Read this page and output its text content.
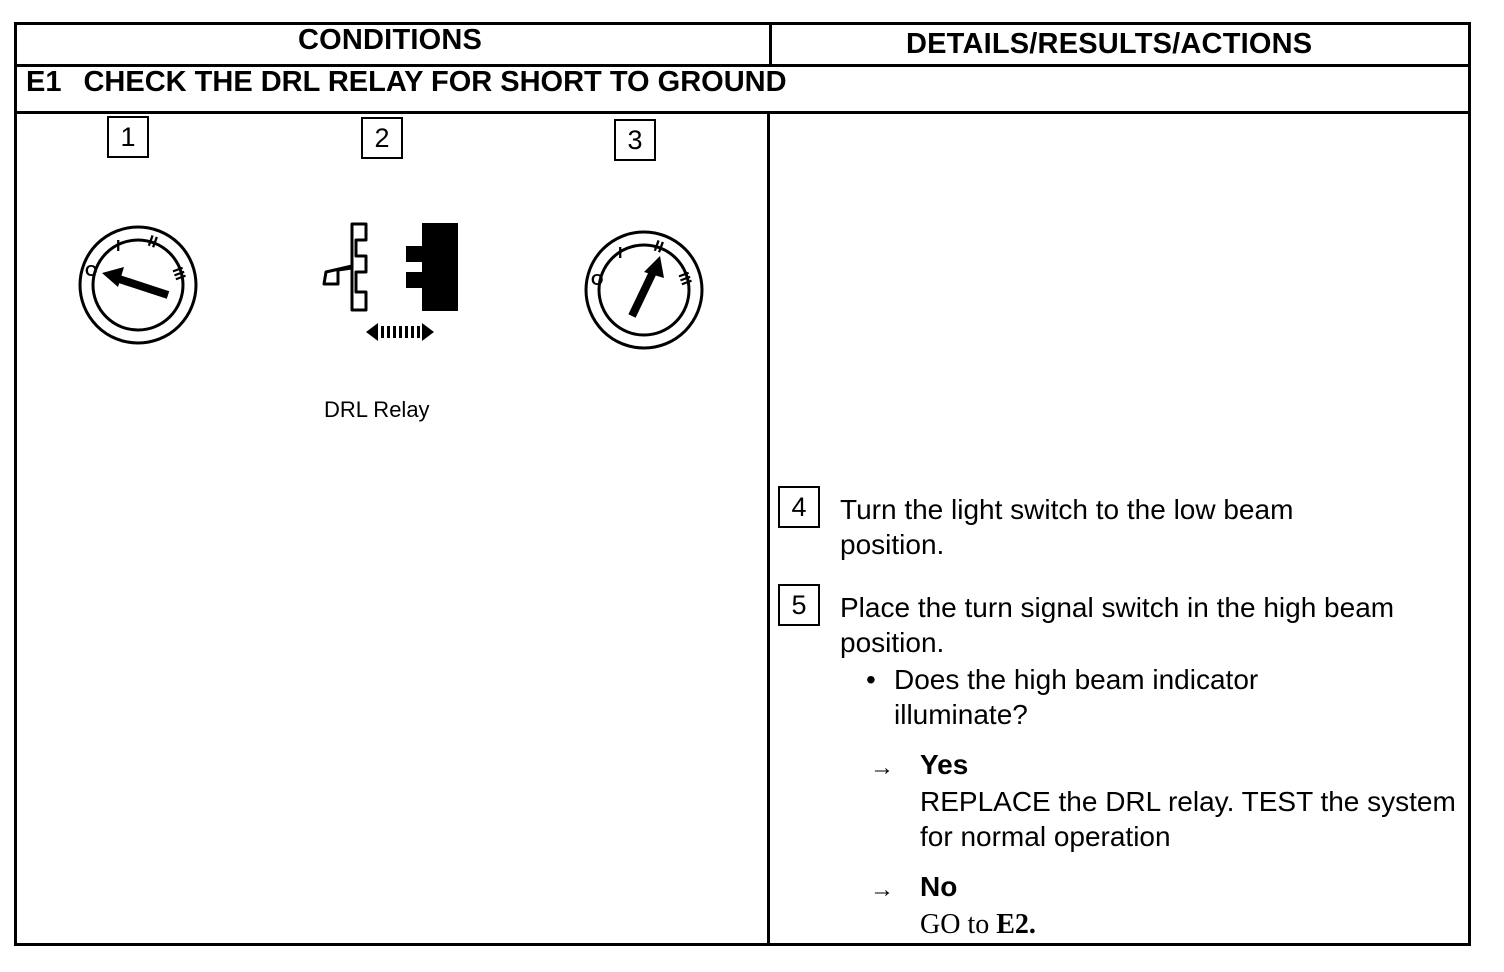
CONDITIONS	DETAILS/RESULTS/ACTIONS
E1 CHECK THE DRL RELAY FOR SHORT TO GROUND
1	2	3
O
I II
III
DRL Relay
O
I II
III
4	Turn the light switch to the low beam position.
5	Place the turn signal switch in the high beam position.
• Does the high beam indicator illuminate?
→ Yes
REPLACE the DRL relay. TEST the system for normal operation
→ No
GO to E2.
